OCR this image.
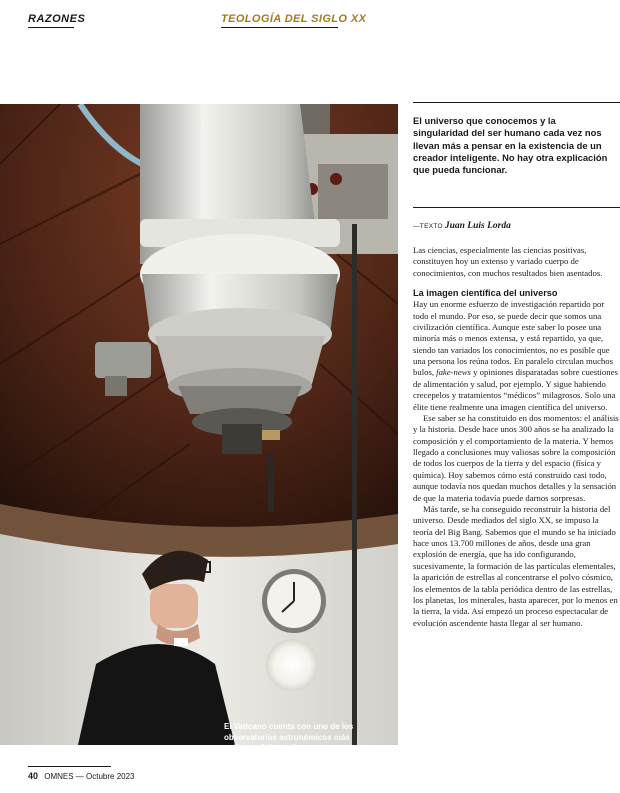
RAZONES	TEOLOGÍA DEL SIGLO XX
El Vaticano cuenta con uno de los observatorios astronómicos más antiguos del mundo. ©CSV
El universo que conocemos y la singularidad del ser humano cada vez nos llevan más a pensar en la existencia de un creador inteligente. No hay otra explicación que pueda funcionar.
—TEXTO Juan Luis Lorda

Las ciencias, especialmente las ciencias positivas, constituyen hoy un extenso y variado cuerpo de conocimientos, con muchos resultados bien asentados.

La imagen científica del universo

Hay un enorme esfuerzo de investigación repartido por todo el mundo. Por eso, se puede decir que somos una civilización científica. Aunque este saber lo posee una minoría más o menos extensa, y está repartido, ya que, siendo tan variados los conocimientos, no es posible que una persona los reúna todos. En paralelo circulan muchos bulos, fake-news y opiniones disparatadas sobre cuestiones de alimentación y salud, por ejemplo. Y sigue habiendo crecepelos y tratamientos “médicos” milagrosos. Solo una élite tiene realmente una imagen científica del universo.

Ese saber se ha constituido en dos momentos: el análisis y la historia. Desde hace unos 300 años se ha analizado la composición y el comportamiento de la materia. Y hemos llegado a conclusiones muy valiosas sobre la composición de todos los cuerpos de la tierra y del espacio (física y química). Hoy sabemos cómo está construido casi todo, aunque todavía nos quedan muchos detalles y la sensación de que la materia todavía puede darnos sorpresas.

Más tarde, se ha conseguido reconstruir la historia del universo. Desde mediados del siglo XX, se impuso la teoría del Big Bang. Sabemos que el mundo se ha iniciado hace unos 13.700 millones de años, desde una gran explosión de energía, que ha ido configurando, sucesivamente, la formación de las partículas elementales, la aparición de estrellas al concentrarse el polvo cósmico, los elementos de la tabla periódica dentro de las estrellas, los planetas, los minerales, hasta aparecer, por lo menos en la tierra, la vida. Así empezó un proceso espectacular de evolución ascendente hasta llegar al ser humano.

40 OMNES — Octubre 2023
